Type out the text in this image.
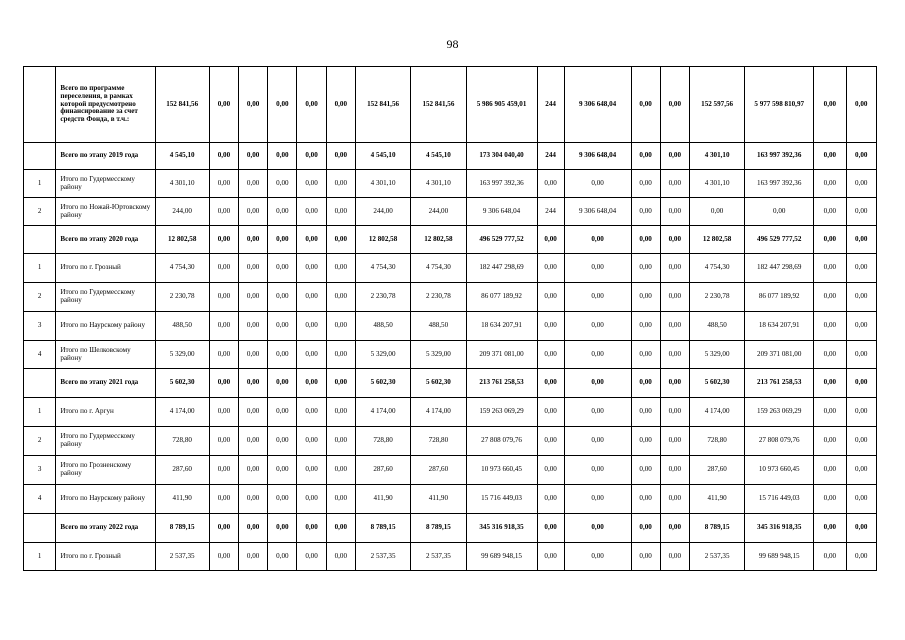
98
	Всего по программе переселения, в рамках которой предусмотрено финансирование за счет средств Фонда, в т.ч.:	152 841,56	0,00	0,00	0,00	0,00	0,00	152 841,56	152 841,56	5 986 905 459,01	244	9 306 648,04	0,00	0,00	152 597,56	5 977 598 810,97	0,00	0,00
	Всего по этапу 2019 года	4 545,10	0,00	0,00	0,00	0,00	0,00	4 545,10	4 545,10	173 304 040,40	244	9 306 648,04	0,00	0,00	4 301,10	163 997 392,36	0,00	0,00
1	Итого по Гудермесскому району	4 301,10	0,00	0,00	0,00	0,00	0,00	4 301,10	4 301,10	163 997 392,36	0,00	0,00	0,00	0,00	4 301,10	163 997 392,36	0,00	0,00
2	Итого по Ножай-Юртовскому району	244,00	0,00	0,00	0,00	0,00	0,00	244,00	244,00	9 306 648,04	244	9 306 648,04	0,00	0,00	0,00	0,00	0,00	0,00
	Всего по этапу 2020 года	12 802,58	0,00	0,00	0,00	0,00	0,00	12 802,58	12 802,58	496 529 777,52	0,00	0,00	0,00	0,00	12 802,58	496 529 777,52	0,00	0,00
1	Итого по г. Грозный	4 754,30	0,00	0,00	0,00	0,00	0,00	4 754,30	4 754,30	182 447 298,69	0,00	0,00	0,00	0,00	4 754,30	182 447 298,69	0,00	0,00
2	Итого по Гудермесскому району	2 230,78	0,00	0,00	0,00	0,00	0,00	2 230,78	2 230,78	86 077 189,92	0,00	0,00	0,00	0,00	2 230,78	86 077 189,92	0,00	0,00
3	Итого по Наурскому району	488,50	0,00	0,00	0,00	0,00	0,00	488,50	488,50	18 634 207,91	0,00	0,00	0,00	0,00	488,50	18 634 207,91	0,00	0,00
4	Итого по Шелковскому району	5 329,00	0,00	0,00	0,00	0,00	0,00	5 329,00	5 329,00	209 371 081,00	0,00	0,00	0,00	0,00	5 329,00	209 371 081,00	0,00	0,00
	Всего по этапу 2021 года	5 602,30	0,00	0,00	0,00	0,00	0,00	5 602,30	5 602,30	213 761 258,53	0,00	0,00	0,00	0,00	5 602,30	213 761 258,53	0,00	0,00
1	Итого по г. Аргун	4 174,00	0,00	0,00	0,00	0,00	0,00	4 174,00	4 174,00	159 263 069,29	0,00	0,00	0,00	0,00	4 174,00	159 263 069,29	0,00	0,00
2	Итого по Гудермесскому району	728,80	0,00	0,00	0,00	0,00	0,00	728,80	728,80	27 808 079,76	0,00	0,00	0,00	0,00	728,80	27 808 079,76	0,00	0,00
3	Итого по Грозненскому району	287,60	0,00	0,00	0,00	0,00	0,00	287,60	287,60	10 973 660,45	0,00	0,00	0,00	0,00	287,60	10 973 660,45	0,00	0,00
4	Итого по Наурскому району	411,90	0,00	0,00	0,00	0,00	0,00	411,90	411,90	15 716 449,03	0,00	0,00	0,00	0,00	411,90	15 716 449,03	0,00	0,00
	Всего по этапу 2022 года	8 789,15	0,00	0,00	0,00	0,00	0,00	8 789,15	8 789,15	345 316 918,35	0,00	0,00	0,00	0,00	8 789,15	345 316 918,35	0,00	0,00
1	Итого по г. Грозный	2 537,35	0,00	0,00	0,00	0,00	0,00	2 537,35	2 537,35	99 689 948,15	0,00	0,00	0,00	0,00	2 537,35	99 689 948,15	0,00	0,00
